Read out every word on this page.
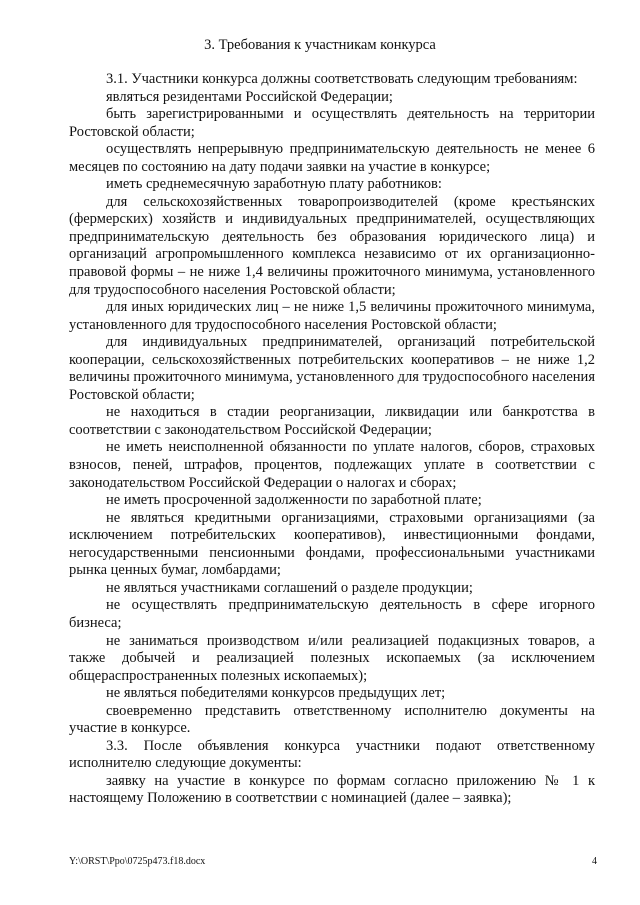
3. Требования к участникам конкурса

3.1. Участники конкурса должны соответствовать следующим требованиям:

являться резидентами Российской Федерации;

быть зарегистрированными и осуществлять деятельность на территории Ростовской области;

осуществлять непрерывную предпринимательскую деятельность не менее 6 месяцев по состоянию на дату подачи заявки на участие в конкурсе;

иметь среднемесячную заработную плату работников:

для сельскохозяйственных товаропроизводителей (кроме крестьянских (фермерских) хозяйств и индивидуальных предпринимателей, осуществляющих предпринимательскую деятельность без образования юридического лица) и организаций агропромышленного комплекса независимо от их организационно-правовой формы – не ниже 1,4 величины прожиточного минимума, установленного для трудоспособного населения Ростовской области;

для иных юридических лиц – не ниже 1,5 величины прожиточного минимума, установленного для трудоспособного населения Ростовской области;

для индивидуальных предпринимателей, организаций потребительской кооперации, сельскохозяйственных потребительских кооперативов – не ниже 1,2 величины прожиточного минимума, установленного для трудоспособного населения Ростовской области;

не находиться в стадии реорганизации, ликвидации или банкротства в соответствии с законодательством Российской Федерации;

не иметь неисполненной обязанности по уплате налогов, сборов, страховых взносов, пеней, штрафов, процентов, подлежащих уплате в соответствии с законодательством Российской Федерации о налогах и сборах;

не иметь просроченной задолженности по заработной плате;

не являться кредитными организациями, страховыми организациями (за исключением потребительских кооперативов), инвестиционными фондами, негосударственными пенсионными фондами, профессиональными участниками рынка ценных бумаг, ломбардами;

не являться участниками соглашений о разделе продукции;

не осуществлять предпринимательскую деятельность в сфере игорного бизнеса;

не заниматься производством и/или реализацией подакцизных товаров, а также добычей и реализацией полезных ископаемых (за исключением общераспространенных полезных ископаемых);

не являться победителями конкурсов предыдущих лет;

своевременно представить ответственному исполнителю документы на участие в конкурсе.

3.3. После объявления конкурса участники подают ответственному исполнителю следующие документы:

заявку на участие в конкурсе по формам согласно приложению № 1 к настоящему Положению в соответствии с номинацией (далее – заявка);

Y:\ORST\Ppo\0725p473.f18.docx	4
